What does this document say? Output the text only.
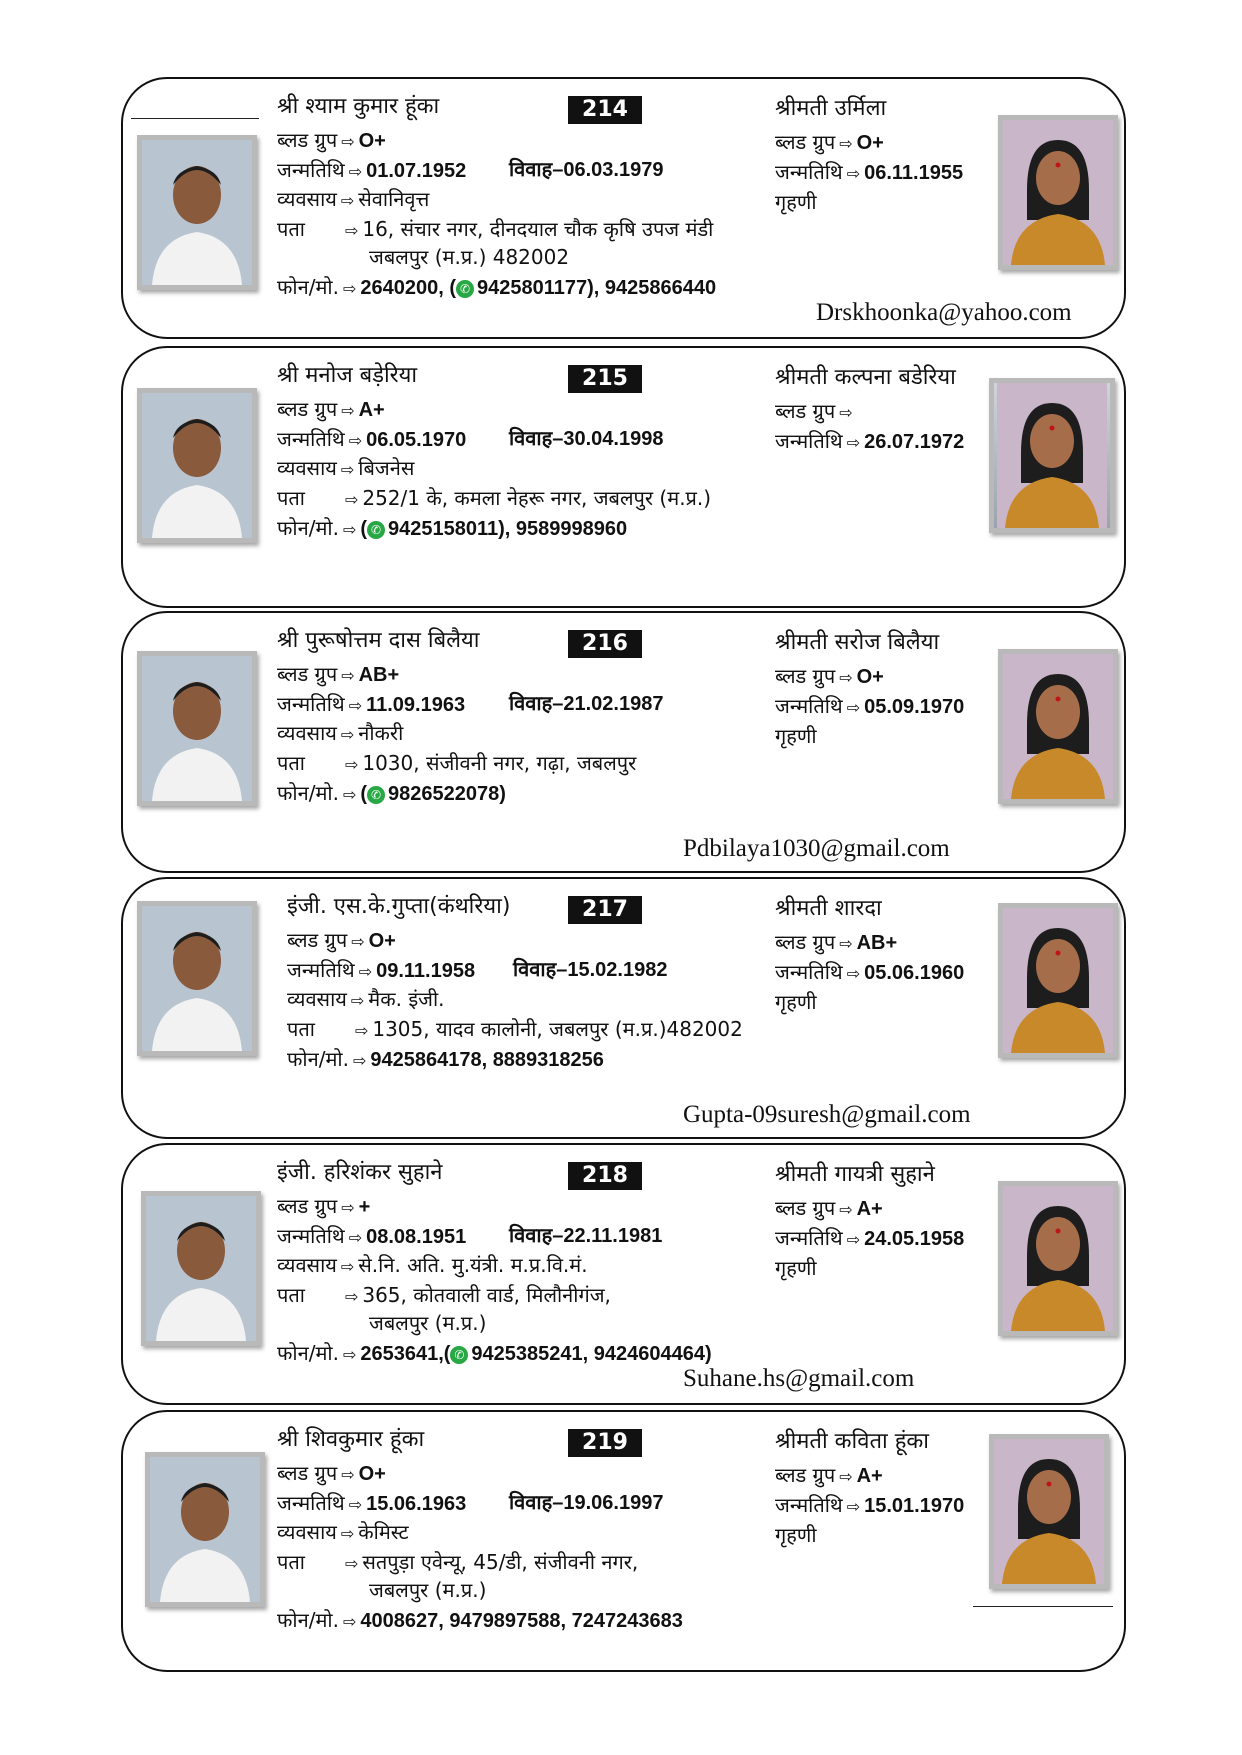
214
श्री श्याम कुमार हूंका
ब्लड ग्रुप ⇨ O+
जन्मतिथि ⇨ 01.07.1952 विवाह–06.03.1979
व्यवसाय ⇨ सेवानिवृत्त
पता	⇨ 16, संचार नगर, दीनदयाल चौक कृषि उपज मंडी
जबलपुर (म.प्र.) 482002
फोन/मो. ⇨ 2640200, ( ✆ 9425801177), 9425866440
श्रीमती उर्मिला
ब्लड ग्रुप ⇨ O+
जन्मतिथि ⇨ 06.11.1955
गृहणी
Drskhoonka@yahoo.com
215
श्री मनोज बड़ेरिया
ब्लड ग्रुप ⇨ A+
जन्मतिथि ⇨ 06.05.1970 विवाह–30.04.1998
व्यवसाय ⇨ बिजनेस
पता	⇨ 252/1 के, कमला नेहरू नगर, जबलपुर (म.प्र.)
फोन/मो. ⇨ ( ✆ 9425158011), 9589998960
श्रीमती कल्पना बडेरिया
ब्लड ग्रुप ⇨
जन्मतिथि ⇨ 26.07.1972
216
श्री पुरूषोत्तम दास बिलैया
ब्लड ग्रुप ⇨ AB+
जन्मतिथि ⇨ 11.09.1963 विवाह–21.02.1987
व्यवसाय ⇨ नौकरी
पता	⇨ 1030, संजीवनी नगर, गढ़ा, जबलपुर
फोन/मो. ⇨ ( ✆ 9826522078)
श्रीमती सरोज बिलैया
ब्लड ग्रुप ⇨ O+
जन्मतिथि ⇨ 05.09.1970
गृहणी
Pdbilaya1030@gmail.com
217
इंजी. एस.के.गुप्ता(कंथरिया)
ब्लड ग्रुप ⇨ O+
जन्मतिथि ⇨ 09.11.1958 विवाह–15.02.1982
व्यवसाय ⇨ मैक. इंजी.
पता	⇨ 1305, यादव कालोनी, जबलपुर (म.प्र.)482002
फोन/मो. ⇨ 9425864178, 8889318256
श्रीमती शारदा
ब्लड ग्रुप ⇨ AB+
जन्मतिथि ⇨ 05.06.1960
गृहणी
Gupta-09suresh@gmail.com
218
इंजी. हरिशंकर सुहाने
ब्लड ग्रुप ⇨ +
जन्मतिथि ⇨ 08.08.1951 विवाह–22.11.1981
व्यवसाय ⇨ से.नि. अति. मु.यंत्री. म.प्र.वि.मं.
पता	⇨ 365, कोतवाली वार्ड, मिलौनीगंज,
जबलपुर (म.प्र.)
फोन/मो. ⇨ 2653641,( ✆ 9425385241, 9424604464)
श्रीमती गायत्री सुहाने
ब्लड ग्रुप ⇨ A+
जन्मतिथि ⇨ 24.05.1958
गृहणी
Suhane.hs@gmail.com
219
श्री शिवकुमार हूंका
ब्लड ग्रुप ⇨ O+
जन्मतिथि ⇨ 15.06.1963 विवाह–19.06.1997
व्यवसाय ⇨ केमिस्ट
पता	⇨ सतपुड़ा एवेन्यू, 45/डी, संजीवनी नगर,
जबलपुर (म.प्र.)
फोन/मो. ⇨ 4008627, 9479897588, 7247243683
श्रीमती कविता हूंका
ब्लड ग्रुप ⇨ A+
जन्मतिथि ⇨ 15.01.1970
गृहणी
